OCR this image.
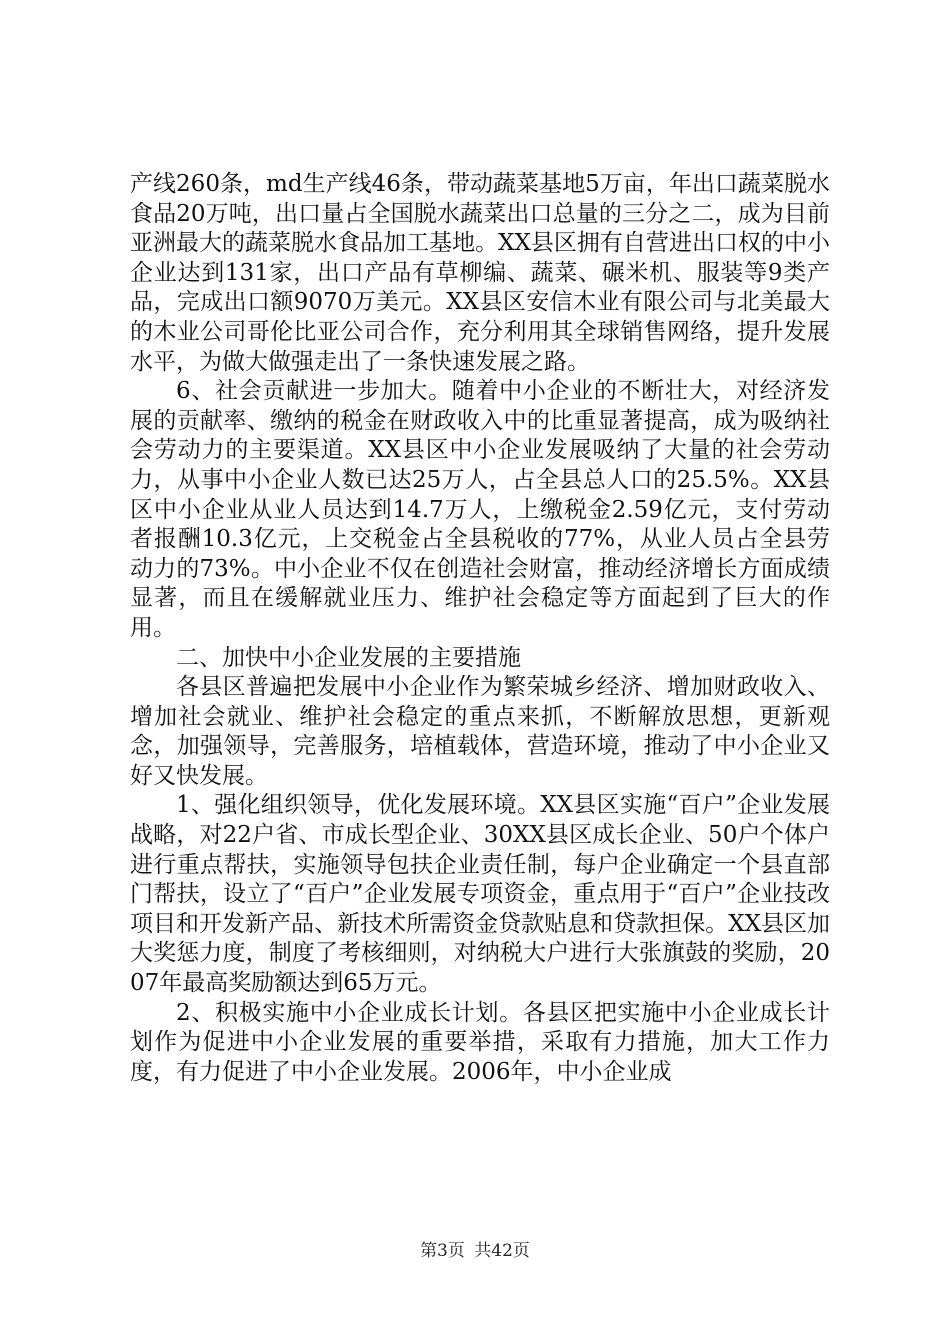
产线260条，md生产线46条，带动蔬菜基地5万亩，年出口蔬菜脱水食品20万吨，出口量占全国脱水蔬菜出口总量的三分之二，成为目前亚洲最大的蔬菜脱水食品加工基地。XX县区拥有自营进出口权的中小企业达到131家，出口产品有草柳编、蔬菜、碾米机、服装等9类产品，完成出口额9070万美元。XX县区安信木业有限公司与北美最大的木业公司哥伦比亚公司合作，充分利用其全球销售网络，提升发展水平，为做大做强走出了一条快速发展之路。

6、社会贡献进一步加大。随着中小企业的不断壮大，对经济发展的贡献率、缴纳的税金在财政收入中的比重显著提高，成为吸纳社会劳动力的主要渠道。XX县区中小企业发展吸纳了大量的社会劳动力，从事中小企业人数已达25万人，占全县总人口的25.5%。XX县区中小企业从业人员达到14.7万人，上缴税金2.59亿元，支付劳动者报酬10.3亿元，上交税金占全县税收的77%，从业人员占全县劳动力的73%。中小企业不仅在创造社会财富，推动经济增长方面成绩显著，而且在缓解就业压力、维护社会稳定等方面起到了巨大的作用。

二、加快中小企业发展的主要措施

各县区普遍把发展中小企业作为繁荣城乡经济、增加财政收入、增加社会就业、维护社会稳定的重点来抓，不断解放思想，更新观念，加强领导，完善服务，培植载体，营造环境，推动了中小企业又好又快发展。

1、强化组织领导，优化发展环境。XX县区实施“百户”企业发展战略，对22户省、市成长型企业、30XX县区成长企业、50户个体户进行重点帮扶，实施领导包扶企业责任制，每户企业确定一个县直部门帮扶，设立了“百户”企业发展专项资金，重点用于“百户”企业技改项目和开发新产品、新技术所需资金贷款贴息和贷款担保。XX县区加大奖惩力度，制度了考核细则，对纳税大户进行大张旗鼓的奖励，2007年最高奖励额达到65万元。

2、积极实施中小企业成长计划。各县区把实施中小企业成长计划作为促进中小企业发展的重要举措，采取有力措施，加大工作力度，有力促进了中小企业发展。2006年，中小企业成

第3页 共42页
